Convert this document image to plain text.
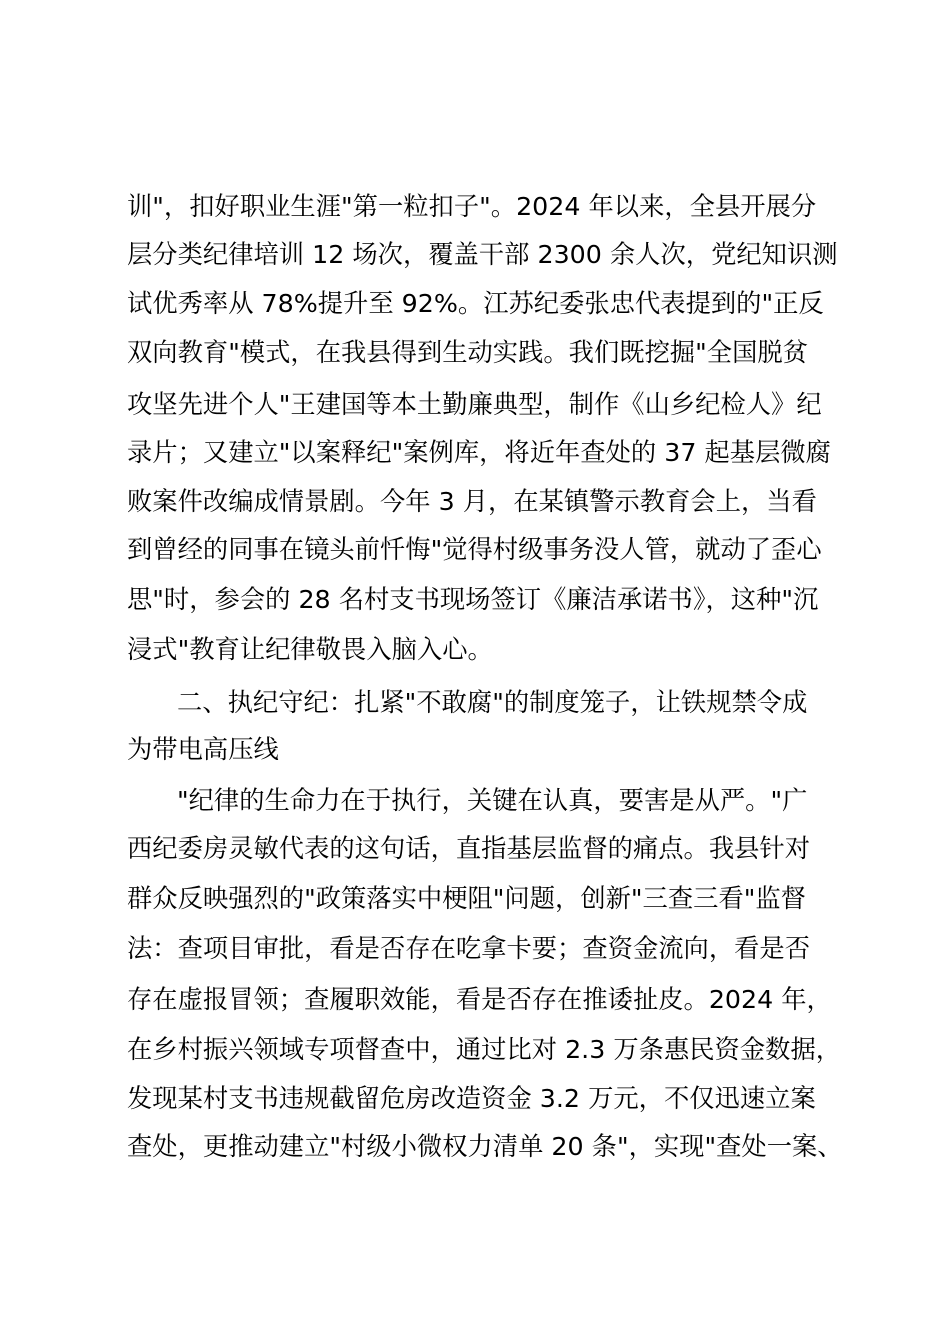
训"，扣好职业生涯"第一粒扣子"。2024 年以来，全县开展分
层分类纪律培训 12 场次，覆盖干部 2300 余人次，党纪知识测
试优秀率从 78%提升至 92%。江苏纪委张忠代表提到的"正反
双向教育"模式，在我县得到生动实践。我们既挖掘"全国脱贫
攻坚先进个人"王建国等本土勤廉典型，制作《山乡纪检人》纪
录片；又建立"以案释纪"案例库，将近年查处的 37 起基层微腐
败案件改编成情景剧。今年 3 月，在某镇警示教育会上，当看
到曾经的同事在镜头前忏悔"觉得村级事务没人管，就动了歪心
思"时，参会的 28 名村支书现场签订《廉洁承诺书》，这种"沉
浸式"教育让纪律敬畏入脑入心。
二、执纪守纪：扎紧"不敢腐"的制度笼子，让铁规禁令成
为带电高压线
"纪律的生命力在于执行，关键在认真，要害是从严。"广
西纪委房灵敏代表的这句话，直指基层监督的痛点。我县针对
群众反映强烈的"政策落实中梗阻"问题，创新"三查三看"监督
法：查项目审批，看是否存在吃拿卡要；查资金流向，看是否
存在虚报冒领；查履职效能，看是否存在推诿扯皮。2024 年，
在乡村振兴领域专项督查中，通过比对 2.3 万条惠民资金数据，
发现某村支书违规截留危房改造资金 3.2 万元，不仅迅速立案
查处，更推动建立"村级小微权力清单 20 条"，实现"查处一案、
